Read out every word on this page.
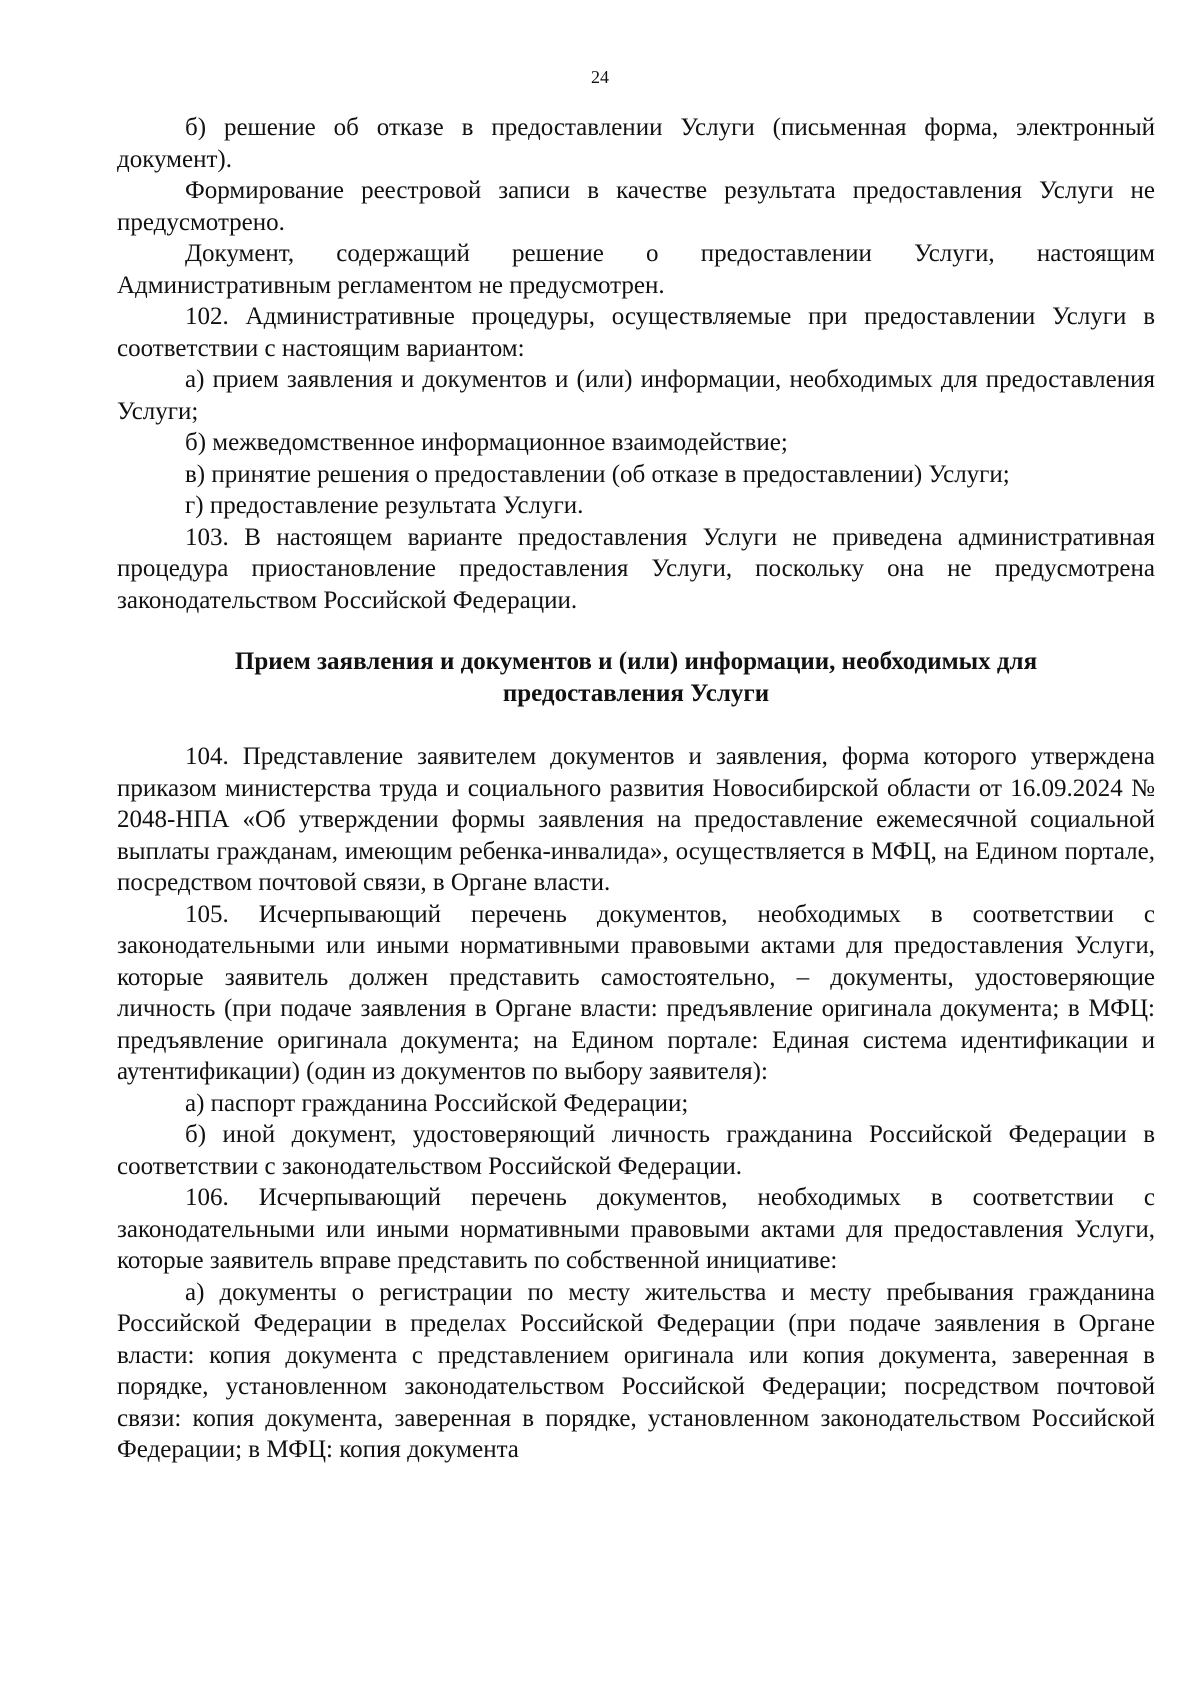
24

б) решение об отказе в предоставлении Услуги (письменная форма, электронный документ).

Формирование реестровой записи в качестве результата предоставления Услуги не предусмотрено.

Документ, содержащий решение о предоставлении Услуги, настоящим Административным регламентом не предусмотрен.

102. Административные процедуры, осуществляемые при предоставлении Услуги в соответствии с настоящим вариантом:

а) прием заявления и документов и (или) информации, необходимых для предоставления Услуги;

б) межведомственное информационное взаимодействие;

в) принятие решения о предоставлении (об отказе в предоставлении) Услуги;

г) предоставление результата Услуги.

103. В настоящем варианте предоставления Услуги не приведена административная процедура приостановление предоставления Услуги, поскольку она не предусмотрена законодательством Российской Федерации.

Прием заявления и документов и (или) информации, необходимых для
предоставления Услуги

104. Представление заявителем документов и заявления, форма которого утверждена приказом министерства труда и социального развития Новосибирской области от 16.09.2024 № 2048-НПА «Об утверждении формы заявления на предоставление ежемесячной социальной выплаты гражданам, имеющим ребенка-инвалида», осуществляется в МФЦ, на Едином портале, посредством почтовой связи, в Органе власти.

105. Исчерпывающий перечень документов, необходимых в соответствии с законодательными или иными нормативными правовыми актами для предоставления Услуги, которые заявитель должен представить самостоятельно, – документы, удостоверяющие личность (при подаче заявления в Органе власти: предъявление оригинала документа; в МФЦ: предъявление оригинала документа; на Едином портале: Единая система идентификации и аутентификации) (один из документов по выбору заявителя):

а) паспорт гражданина Российской Федерации;

б) иной документ, удостоверяющий личность гражданина Российской Федерации в соответствии с законодательством Российской Федерации.

106. Исчерпывающий перечень документов, необходимых в соответствии с законодательными или иными нормативными правовыми актами для предоставления Услуги, которые заявитель вправе представить по собственной инициативе:

а) документы о регистрации по месту жительства и месту пребывания гражданина Российской Федерации в пределах Российской Федерации (при подаче заявления в Органе власти: копия документа с представлением оригинала или копия документа, заверенная в порядке, установленном законодательством Российской Федерации; посредством почтовой связи: копия документа, заверенная в порядке, установленном законодательством Российской Федерации; в МФЦ: копия документа
